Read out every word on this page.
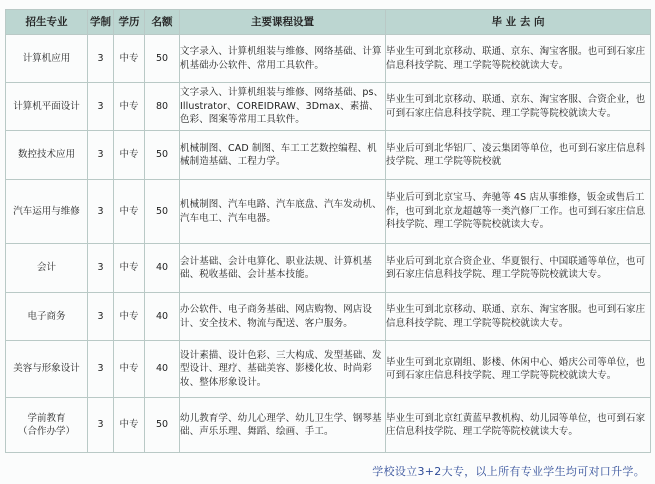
招生专业	学制	学历	名额	主要课程设置	毕 业 去 向

计算机应用	3	中专	50	文字录入、计算机组装与维修、网络基础、计算机基础办公软件、常用工具软件。	毕业生可到北京移动、联通、京东、淘宝客服。也可到石家庄信息科技学院、理工学院等院校就读大专。

计算机平面设计	3	中专	80	文字录入、计算机组装与维修、网络基础、ps、Illustrator、COREIDRAW、3Dmax、素描、色彩、图案等常用工具软件。	毕业生可到北京移动、联通、京东、淘宝客服、合资企业，也可到石家庄信息科技学院、理工学院等院校就读大专。

数控技术应用	3	中专	50	机械制图、CAD 制图、车工工艺数控编程、机械制造基础、工程力学。	毕业后可到北华铝厂、凌云集团等单位，也可到石家庄信息科技学院、理工学院等院校就

汽车运用与维修	3	中专	50	机械制图、汽车电路、汽车底盘、汽车发动机、汽车电工、汽车电器。	毕业后可到北京宝马、奔驰等 4S 店从事维修，钣金或售后工作，也可到北京龙超越等一类汽修厂工作。也可到石家庄信息科技学院、理工学院等院校就读大专。

会计	3	中专	40	会计基础、会计电算化、职业法规、计算机基础、税收基础、会计基本技能。	毕业后可到北京合资企业、华夏银行、中国联通等单位，也可到石家庄信息科技学院、理工学院等院校就读大专。

电子商务	3	中专	40	办公软件、电子商务基础、网店购物、网店设计、安全技术、物流与配送、客户服务。	毕业生可到北京移动、联通、京东、淘宝客服。也可到石家庄信息科技学院、理工学院等院校就读大专。

美容与形象设计	3	中专	40	设计素描、设计色彩、三大构成、发型基础、发型设计、理疗、基础美容、影楼化妆、时尚彩妆、整体形象设计。	毕业生可到北京剧组、影楼、休闲中心、婚庆公司等单位，也可到石家庄信息科技学院、理工学院等院校就读大专。

学前教育
（合作办学）	3	中专	50	幼儿教育学、幼儿心理学、幼儿卫生学、钢琴基础、声乐乐理、舞蹈、绘画、手工。	毕业生可到北京红黄蓝早教机构、幼儿园等单位，也可到石家庄信息科技学院、理工学院等院校就读大专。
学校设立3+2大专，以上所有专业学生均可对口升学。
